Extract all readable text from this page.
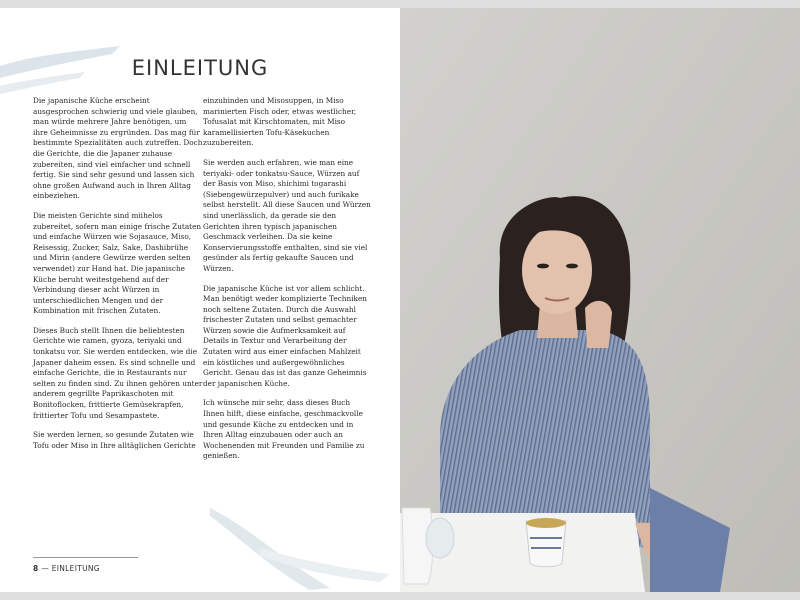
EINLEITUNG

Die japanische Küche erscheint ausgesprochen schwierig und viele glauben, man würde mehrere Jahre benötigen, um ihre Geheimnisse zu ergründen. Das mag für bestimmte Spezialitäten auch zutreffen. Doch die Gerichte, die die Japaner zuhause zubereiten, sind viel einfacher und schnell fertig. Sie sind sehr gesund und lassen sich ohne großen Aufwand auch in Ihren Alltag einbeziehen.

Die meisten Gerichte sind mühelos zubereitet, sofern man einige frische Zutaten und einfache Würzen wie Sojasauce, Miso, Reisessig, Zucker, Salz, Sake, Dashibrühe und Mirin (andere Gewürze werden selten verwendet) zur Hand hat. Die japanische Küche beruht weitestgehend auf der Verbindung dieser acht Würzen in unterschiedlichen Mengen und der Kombination mit frischen Zutaten.

Dieses Buch stellt Ihnen die beliebtesten Gerichte wie ramen, gyoza, teriyaki und tonkatsu vor. Sie werden entdecken, wie die Japaner daheim essen. Es sind schnelle und einfache Gerichte, die in Restaurants nur selten zu finden sind. Zu ihnen gehören unter anderem gegrillte Paprikaschoten mit Bonitoflocken, frittierte Gemüsekrapfen, frittierter Tofu und Sesampastete.

Sie werden lernen, so gesunde Zutaten wie Tofu oder Miso in Ihre alltäglichen Gerichte

einzubinden und Misosuppen, in Miso marinierten Fisch oder, etwas westlicher, Tofusalat mit Kirschtomaten, mit Miso karamellisierten Tofu-Käsekuchen zuzubereiten.

Sie werden auch erfahren, wie man eine teriyaki- oder tonkatsu-Sauce, Würzen auf der Basis von Miso, shichimi togarashi (Siebengewürzepulver) und auch furikake selbst herstellt. All diese Saucen und Würzen sind unerlässlich, da gerade sie den Gerichten ihren typisch japanischen Geschmack verleihen. Da sie keine Konservierungsstoffe enthalten, sind sie viel gesünder als fertig gekaufte Saucen und Würzen.

Die japanische Küche ist vor allem schlicht. Man benötigt weder komplizierte Techniken noch seltene Zutaten. Durch die Auswahl frischester Zutaten und selbst gemachter Würzen sowie die Aufmerksamkeit auf Details in Textur und Verarbeitung der Zutaten wird aus einer einfachen Mahlzeit ein köstliches und außergewöhnliches Gericht. Genau das ist das ganze Geheimnis der japanischen Küche.

Ich wünsche mir sehr, dass dieses Buch Ihnen hilft, diese einfache, geschmackvolle und gesunde Küche zu entdecken und in Ihren Alltag einzubauen oder auch an Wochenenden mit Freunden und Familie zu genießen.

8 — EINLEITUNG
